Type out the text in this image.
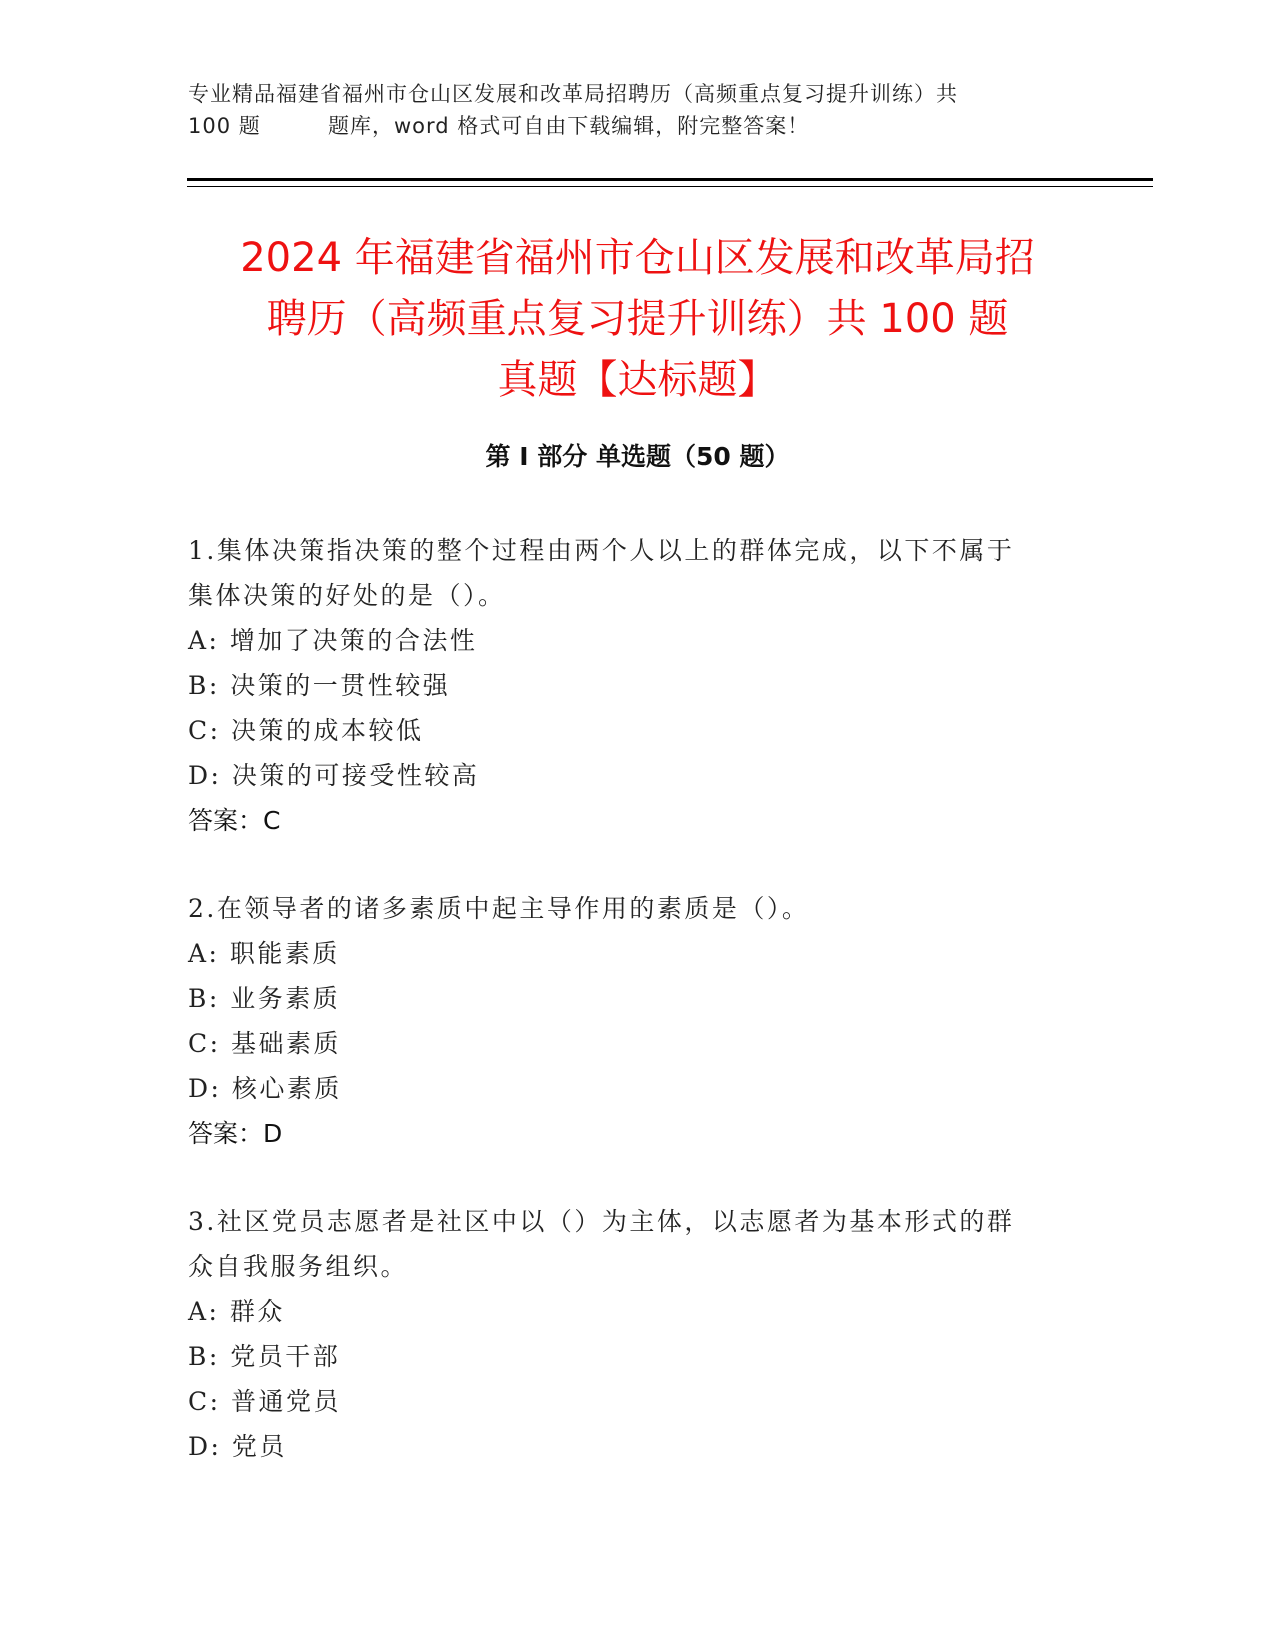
专业精品福建省福州市仓山区发展和改革局招聘历（高频重点复习提升训练）共
100 题	题库，word 格式可自由下载编辑，附完整答案！
2024 年福建省福州市仓山区发展和改革局招
聘历（高频重点复习提升训练）共 100 题
真题【达标题】
第 I 部分 单选题（50 题）

1.集体决策指决策的整个过程由两个人以上的群体完成，以下不属于

集体决策的好处的是（）。

A: 增加了决策的合法性

B: 决策的一贯性较强

C: 决策的成本较低

D: 决策的可接受性较高

答案：C

2.在领导者的诸多素质中起主导作用的素质是（）。

A: 职能素质

B: 业务素质

C: 基础素质

D: 核心素质

答案：D

3.社区党员志愿者是社区中以（）为主体，以志愿者为基本形式的群

众自我服务组织。

A: 群众

B: 党员干部

C: 普通党员

D: 党员
